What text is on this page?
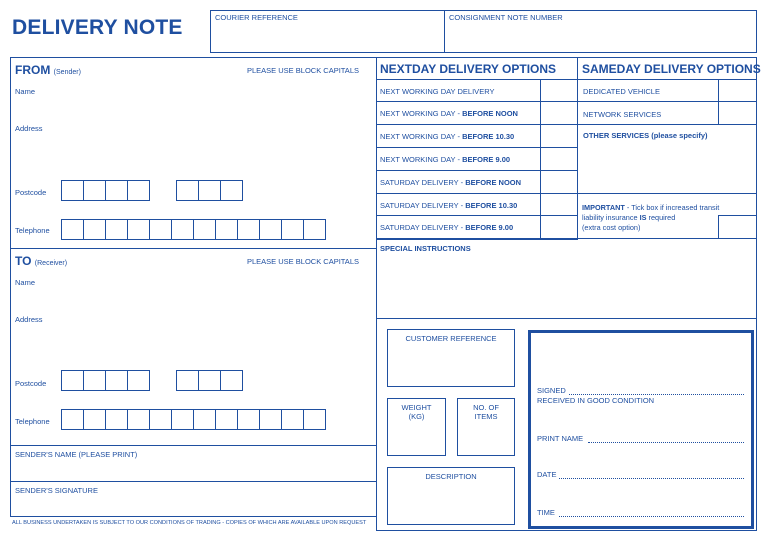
DELIVERY NOTE	COURIER REFERENCE	CONSIGNMENT NOTE NUMBER
FROM (Sender)	PLEASE USE BLOCK CAPITALS
Name
Address
Postcode
Telephone
TO (Receiver)	PLEASE USE BLOCK CAPITALS
Name
Address
Postcode
Telephone
SENDER'S NAME (PLEASE PRINT)
SENDER'S SIGNATURE
ALL BUSINESS UNDERTAKEN IS SUBJECT TO OUR CONDITIONS OF TRADING - COPIES OF WHICH ARE AVAILABLE UPON REQUEST
NEXTDAY DELIVERY OPTIONS
NEXT WORKING DAY DELIVERY
NEXT WORKING DAY - BEFORE NOON
NEXT WORKING DAY - BEFORE 10.30
NEXT WORKING DAY - BEFORE 9.00
SATURDAY DELIVERY - BEFORE NOON
SATURDAY DELIVERY - BEFORE 10.30
SATURDAY DELIVERY - BEFORE 9.00
SAMEDAY DELIVERY OPTIONS
DEDICATED VEHICLE
NETWORK SERVICES
OTHER SERVICES (please specify)
IMPORTANT - Tick box if increased transit
liability insurance IS required
(extra cost option)
SPECIAL INSTRUCTIONS
CUSTOMER REFERENCE
WEIGHT
(KG)
NO. OF
ITEMS
DESCRIPTION
SIGNED
RECEIVED IN GOOD CONDITION
PRINT NAME
DATE
TIME
